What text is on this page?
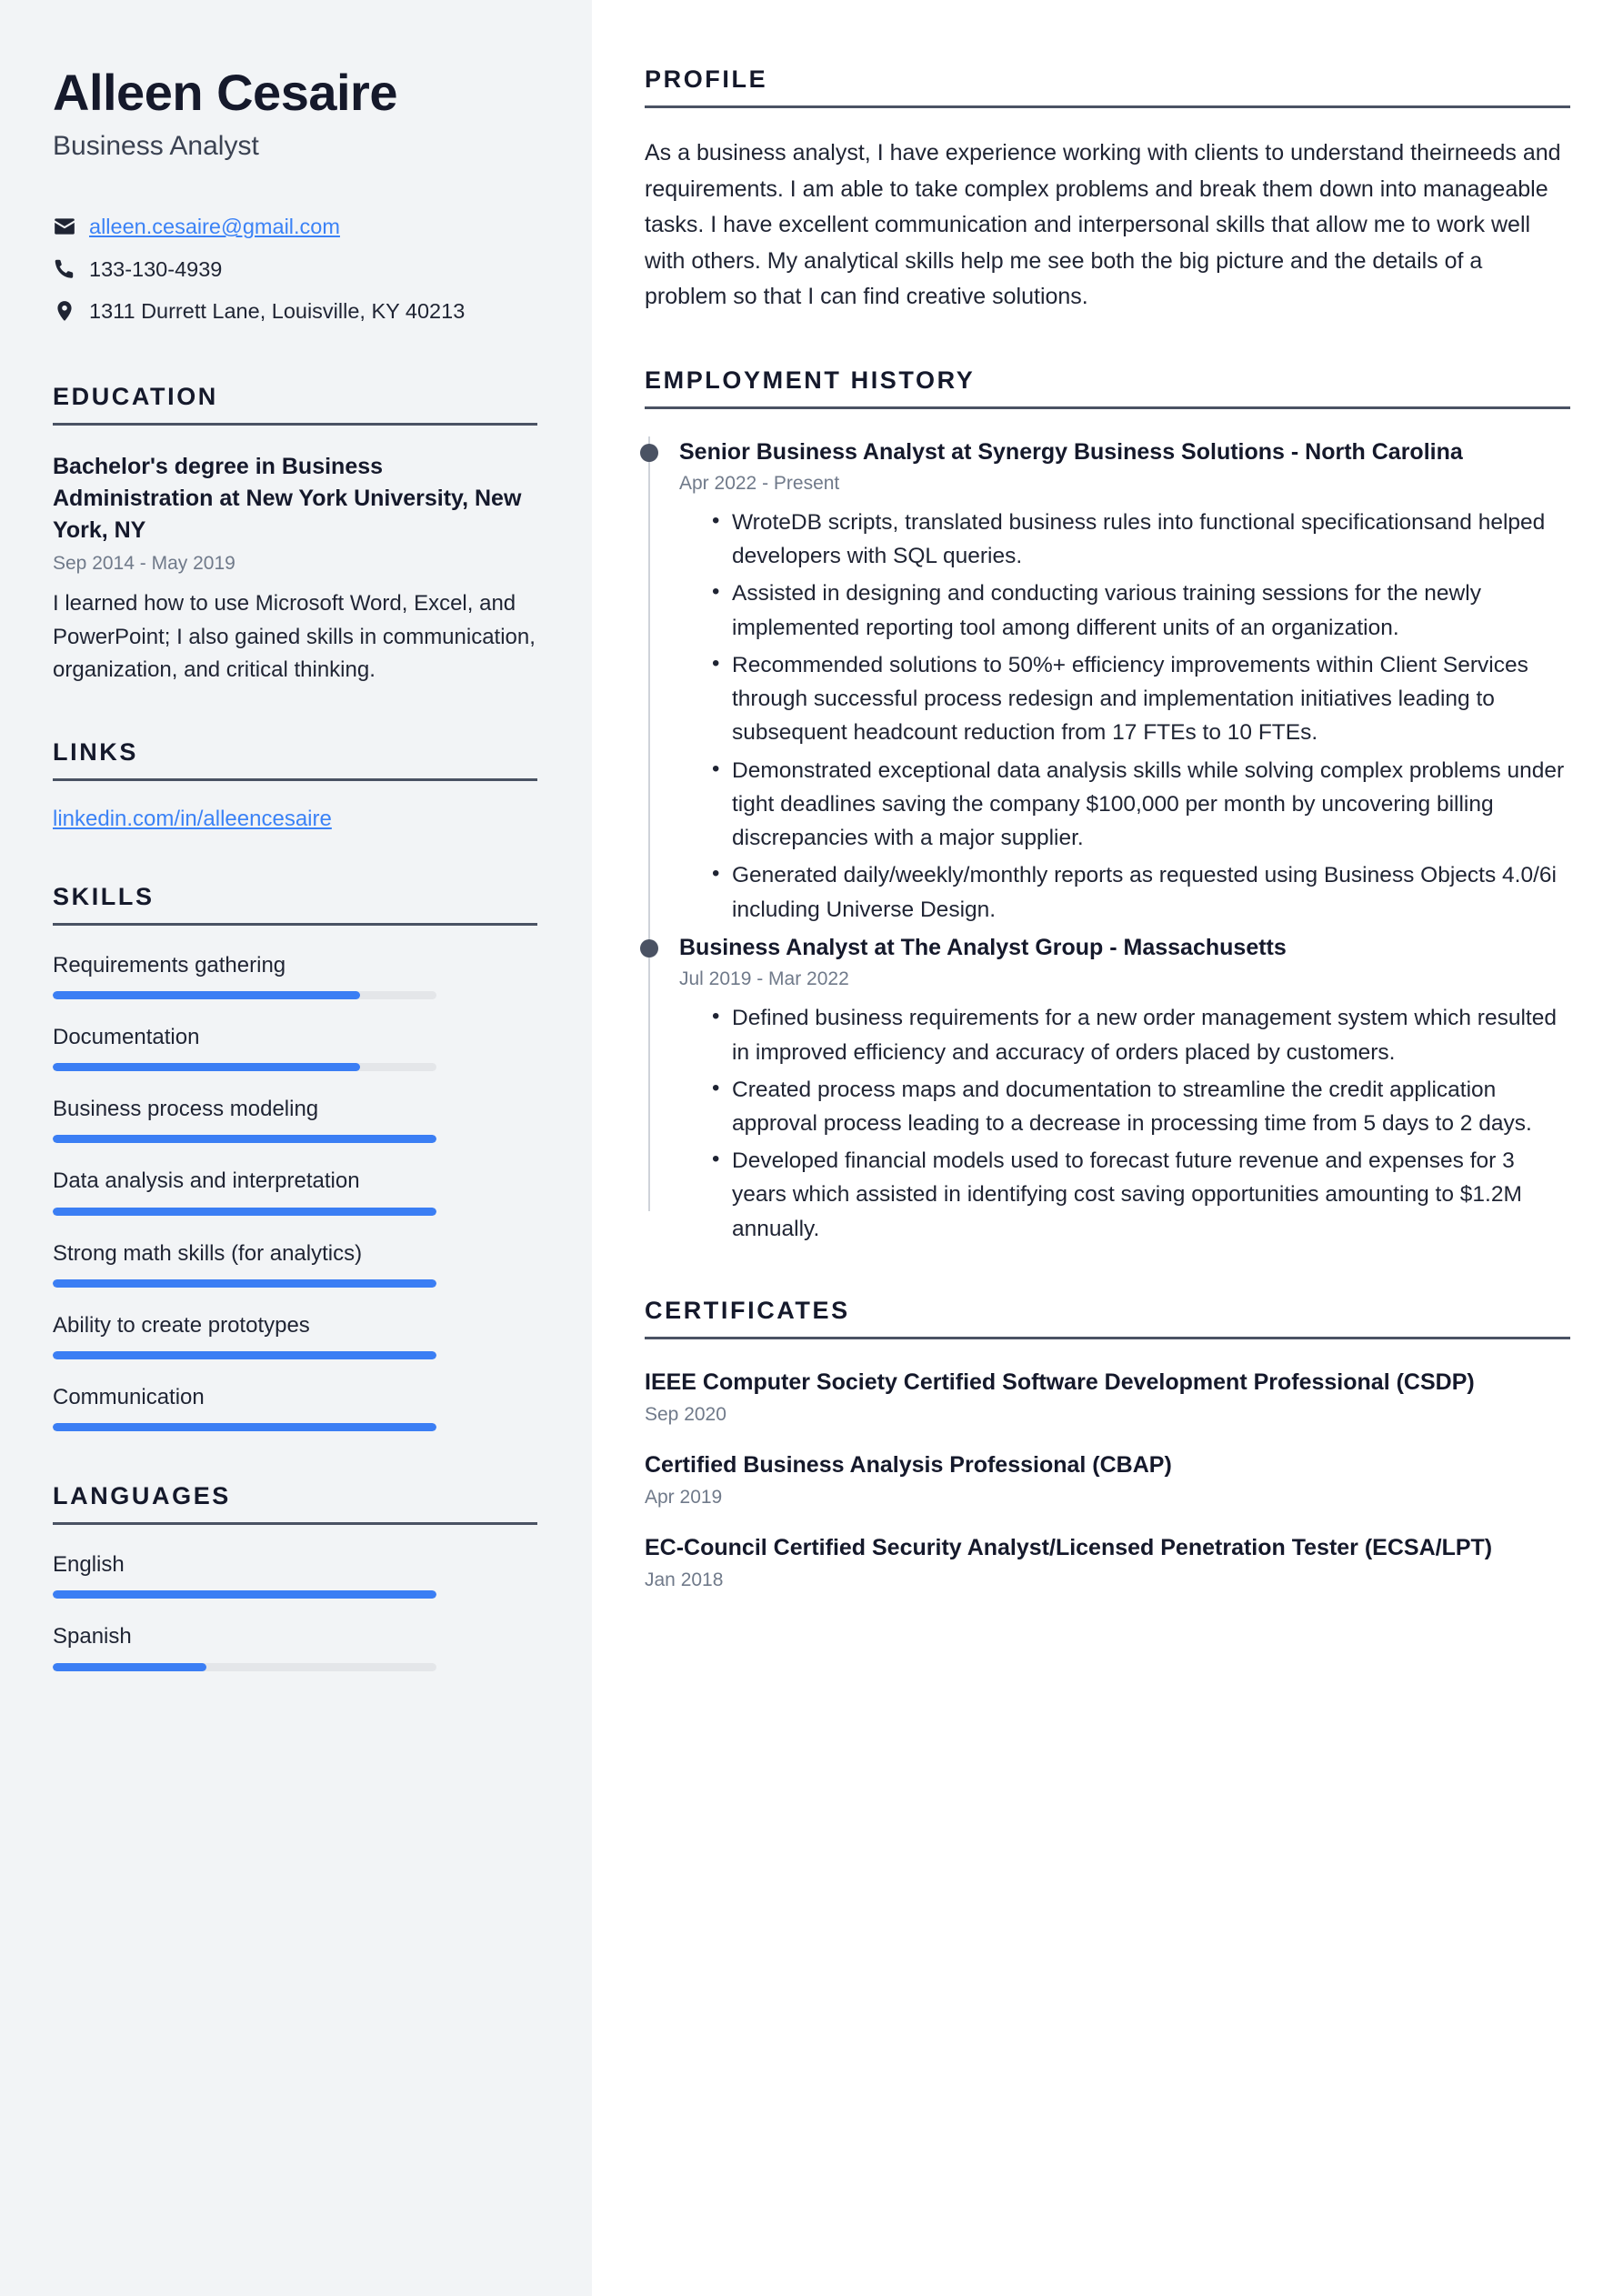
Alleen Cesaire
Business Analyst
alleen.cesaire@gmail.com
133-130-4939
1311 Durrett Lane, Louisville, KY 40213
EDUCATION
Bachelor's degree in Business Administration at New York University, New York, NY
Sep 2014 - May 2019
I learned how to use Microsoft Word, Excel, and PowerPoint; I also gained skills in communication, organization, and critical thinking.
LINKS
linkedin.com/in/alleencesaire
SKILLS
Requirements gathering
Documentation
Business process modeling
Data analysis and interpretation
Strong math skills (for analytics)
Ability to create prototypes
Communication
LANGUAGES
English
Spanish
PROFILE

As a business analyst, I have experience working with clients to understand theirneeds and requirements. I am able to take complex problems and break them down into manageable tasks. I have excellent communication and interpersonal skills that allow me to work well with others. My analytical skills help me see both the big picture and the details of a problem so that I can find creative solutions.

EMPLOYMENT HISTORY
Senior Business Analyst at Synergy Business Solutions - North Carolina
Apr 2022 - Present
• WroteDB scripts, translated business rules into functional specificationsand helped developers with SQL queries.
• Assisted in designing and conducting various training sessions for the newly implemented reporting tool among different units of an organization.
• Recommended solutions to 50%+ efficiency improvements within Client Services through successful process redesign and implementation initiatives leading to subsequent headcount reduction from 17 FTEs to 10 FTEs.
• Demonstrated exceptional data analysis skills while solving complex problems under tight deadlines saving the company $100,000 per month by uncovering billing discrepancies with a major supplier.
• Generated daily/weekly/monthly reports as requested using Business Objects 4.0/6i including Universe Design.
Business Analyst at The Analyst Group - Massachusetts
Jul 2019 - Mar 2022
• Defined business requirements for a new order management system which resulted in improved efficiency and accuracy of orders placed by customers.
• Created process maps and documentation to streamline the credit application approval process leading to a decrease in processing time from 5 days to 2 days.
• Developed financial models used to forecast future revenue and expenses for 3 years which assisted in identifying cost saving opportunities amounting to $1.2M annually.
CERTIFICATES
IEEE Computer Society Certified Software Development Professional (CSDP)
Sep 2020
Certified Business Analysis Professional (CBAP)
Apr 2019
EC-Council Certified Security Analyst/Licensed Penetration Tester (ECSA/LPT)
Jan 2018
